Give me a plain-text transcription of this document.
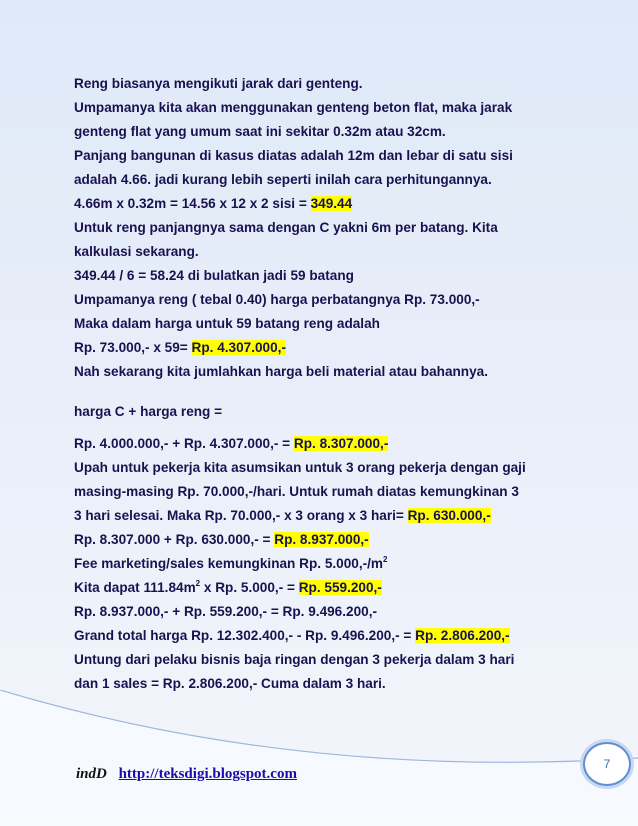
Reng biasanya mengikuti jarak dari genteng.
Umpamanya kita akan menggunakan genteng beton flat, maka jarak
genteng flat yang umum saat ini sekitar 0.32m atau 32cm.
Panjang bangunan di kasus diatas adalah 12m dan lebar di satu sisi
adalah 4.66. jadi kurang lebih seperti inilah cara perhitungannya.
4.66m x 0.32m = 14.56 x 12 x 2 sisi = 349.44
Untuk reng panjangnya sama dengan C yakni 6m per batang. Kita
kalkulasi sekarang.
349.44 / 6 = 58.24 di bulatkan jadi 59 batang
Umpamanya reng ( tebal 0.40) harga perbatangnya Rp. 73.000,-
Maka dalam harga untuk 59 batang reng adalah
Rp. 73.000,- x 59= Rp. 4.307.000,-
Nah sekarang kita jumlahkan harga beli material atau bahannya.
harga C + harga reng =
Rp. 4.000.000,- + Rp. 4.307.000,- = Rp. 8.307.000,-
Upah untuk pekerja kita asumsikan untuk 3 orang pekerja dengan gaji
masing-masing Rp. 70.000,-/hari. Untuk rumah diatas kemungkinan 3
3 hari selesai. Maka Rp. 70.000,- x 3 orang x 3 hari= Rp. 630.000,-
Rp. 8.307.000 + Rp. 630.000,- = Rp. 8.937.000,-
Fee marketing/sales kemungkinan Rp. $5.000,-/m^2$
Kita dapat $111.84m^2$ x Rp. 5.000,- = Rp. 559.200,-
Rp. 8.937.000,- + Rp. 559.200,- = Rp. 9.496.200,-
Grand total harga Rp. 12.302.400,- - Rp. 9.496.200,- = Rp. 2.806.200,-
Untung dari pelaku bisnis baja ringan dengan 3 pekerja dalam 3 hari
dan 1 sales = Rp. 2.806.200,- Cuma dalam 3 hari.
7
indD http://teksdigi.blogspot.com
